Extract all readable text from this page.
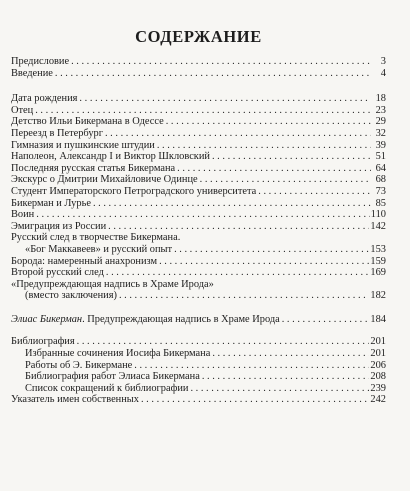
СОДЕРЖАНИЕ
Предисловие . . .	3
Введение . . .	4
Дата рождения . . .	18
Отец . . .	23
Детство Ильи Бикермана в Одессе . . .	29
Переезд в Петербург . . .	32
Гимназия и пушкинские штудии . . .	39
Наполеон, Александр I и Виктор Шкловский . . .	51
Последняя русская статья Бикермана . . .	64
Экскурс о Дмитрии Михайловиче Одинце . . .	68
Студент Императорского Петроградского университета . . .	73
Бикерман и Лурье . . .	85
Воин . . .	110
Эмиграция из России . . .	142
Русский след в творчестве Бикермана.
«Бог Маккавеев» и русский опыт . . .	153
Борода: намеренный анахронизм . . .	159
Второй русский след . . .	169
«Предупреждающая надпись в Храме Ирода»
(вместо заключения) . . .	182
Элиас Бикерман. Предупреждающая надпись в Храме Ирода . . .	184
Библиография . . .	201
Избранные сочинения Иосифа Бикермана . . .	201
Работы об Э. Бикермане . . .	206
Библиография работ Элиаса Бикермана . . .	208
Список сокращений к библиографии . . .	239
Указатель имен собственных . . .	242
